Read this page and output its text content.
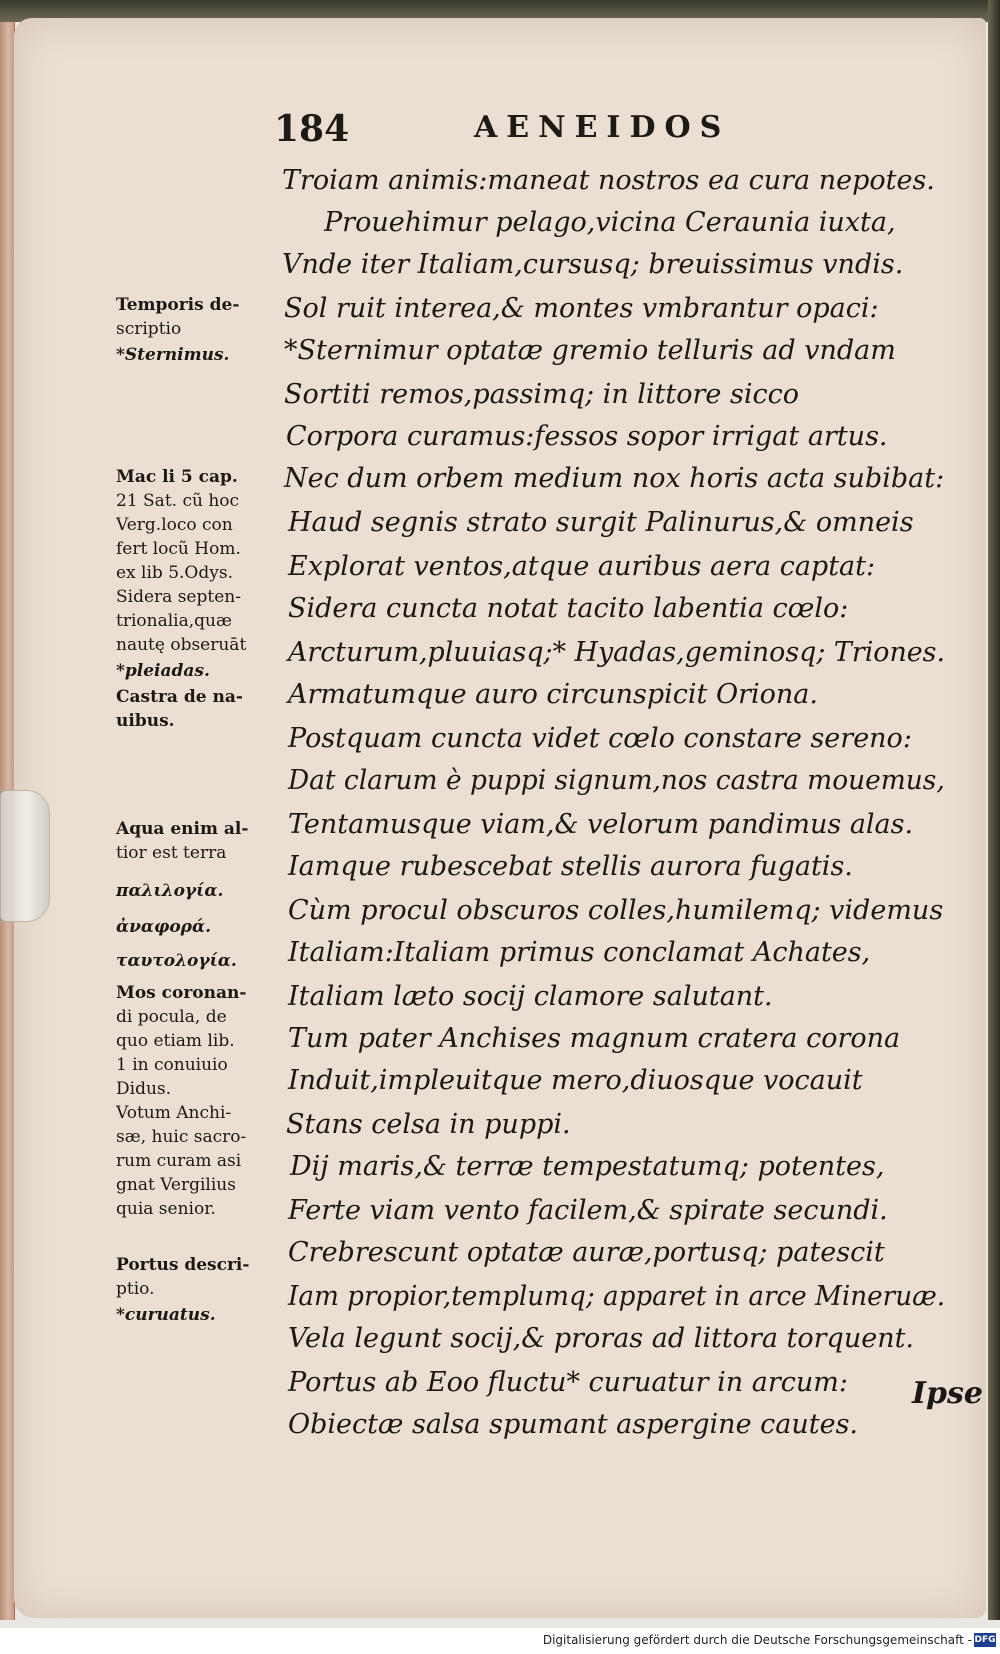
184	AENEIDOS
Troiam animis:maneat nostros ea cura nepotes.
Prouehimur pelago,vicina Ceraunia iuxta,
Vnde iter Italiam,cursusq; breuissimus vndis.
Sol ruit interea,& montes vmbrantur opaci:
*Sternimur optatæ gremio telluris ad vndam
Sortiti remos,passimq; in littore sicco
Corpora curamus:fessos sopor irrigat artus.
Nec dum orbem medium nox horis acta subibat:
Haud segnis strato surgit Palinurus,& omneis
Explorat ventos,atque auribus aera captat:
Sidera cuncta notat tacito labentia cœlo:
Arcturum,pluuiasq;* Hyadas,geminosq; Triones.
Armatumque auro circunspicit Oriona.
Postquam cuncta videt cœlo constare sereno:
Dat clarum è puppi signum,nos castra mouemus,
Tentamusque viam,& velorum pandimus alas.
Iamque rubescebat stellis aurora fugatis.
Cùm procul obscuros colles,humilemq; videmus
Italiam:Italiam primus conclamat Achates,
Italiam læto socij clamore salutant.
Tum pater Anchises magnum cratera corona
Induit,impleuitque mero,diuosque vocauit
Stans celsa in puppi.
Dij maris,& terræ tempestatumq; potentes,
Ferte viam vento facilem,& spirate secundi.
Crebrescunt optatæ auræ,portusq; patescit
Iam propior,templumq; apparet in arce Mineruæ.
Vela legunt socij,& proras ad littora torquent.
Portus ab Eoo fluctu* curuatur in arcum:
Obiectæ salsa spumant aspergine cautes.
Temporis de-
scriptio
*Sternimus.
Mac li 5 cap.
21 Sat. cũ hoc
Verg.loco con
fert locũ Hom.
ex lib 5.Odys.
Sidera septen-
trionalia,quæ
nautę obseruāt
*pleiadas.
Castra de na-
uibus.
Aqua enim al-
tior est terra
παλιλογία.
ἀναφορά.
ταυτολογία.
Mos coronan-
di pocula, de
quo etiam lib.
1 in conuiuio
Didus.
Votum Anchi-
sæ, huic sacro-
rum curam asi
gnat Vergilius
quia senior.
Portus descri-
ptio.
*curuatus.
Ipse
Digitalisierung gefördert durch die Deutsche Forschungsgemeinschaft - DFG
